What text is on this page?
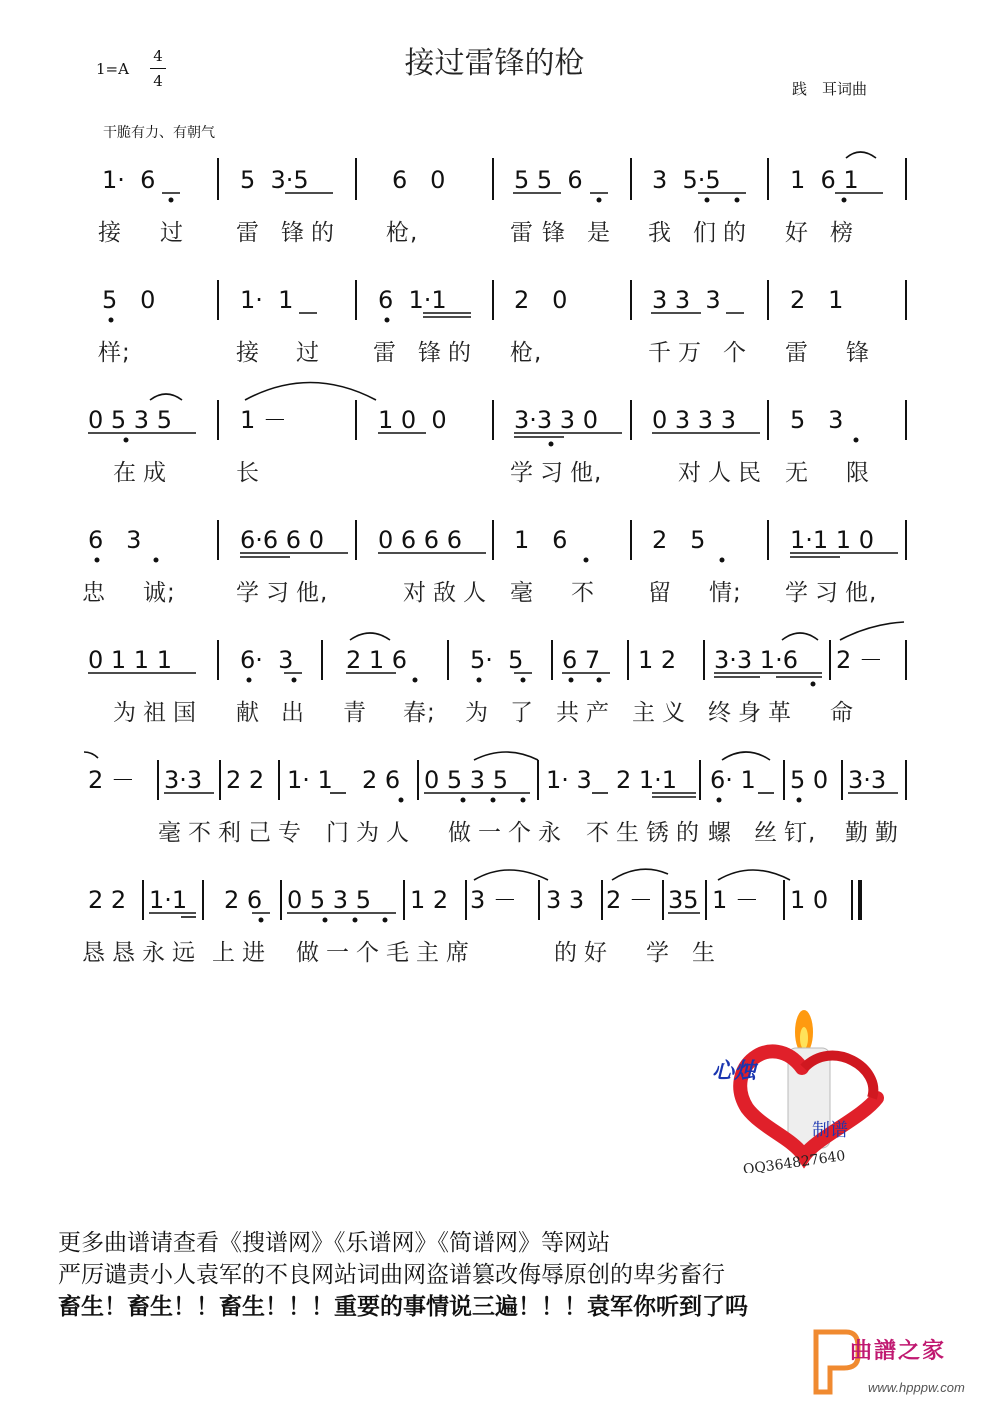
接过雷锋的枪
1=A
4
4	践　耳词曲
干脆有力、有朝气
1·  6	5  3·5	6   0	5 5  6	3  5·5	1  6 1
接 过 雷 锋 的 枪,	雷 锋 是 我 们 的 好 榜
5   0	1·  1	6  1·1	2   0	3 3  3	2   1
样;	接 过 雷 锋 的 枪,	千 万 个 雷 锋
0 5 3 5	1 －	1 0  0	3·3 3 0 0 3 3 3 5   3
在 成	长	学 习 他,	对 人 民 无 限
6   3	6·6 6 0 0 6 6 6 1   6	2   5	1·1 1 0
忠 诚;	学 习 他,	对 敌 人 毫 不 留 情; 学 习 他,
0 1 1 1	6·  3 2 1 6	5·  5 6 7 1 2 3·3 1·6 2 －
为 祖 国 献 出 青 春; 为 了 共 产 主 义 终 身 革 命
2 － 3·3 2 2 1· 1 2 6 0 5 3 5 1· 3 2 1·1 6· 1 5 0 3·3
毫 不 利 己 专 门 为 人 做 一 个 永 不 生 锈 的 螺 丝 钉, 勤 勤
2 2 1·1 2 6 0 5 3 5 1 2 3 － 3 3 2 － 35 1 － 1 0
恳 恳 永 远 上 进 做 一 个 毛 主 席	的 好 学 生
心烛
制谱
QQ364827640
更多曲谱请查看《搜谱网》《乐谱网》《简谱网》等网站
严厉谴责小人袁军的不良网站词曲网盗谱篡改侮辱原创的卑劣畜行
畜生！畜生！！畜生！！！重要的事情说三遍！！！袁军你听到了吗
曲譜之家
www.hpppw.com
